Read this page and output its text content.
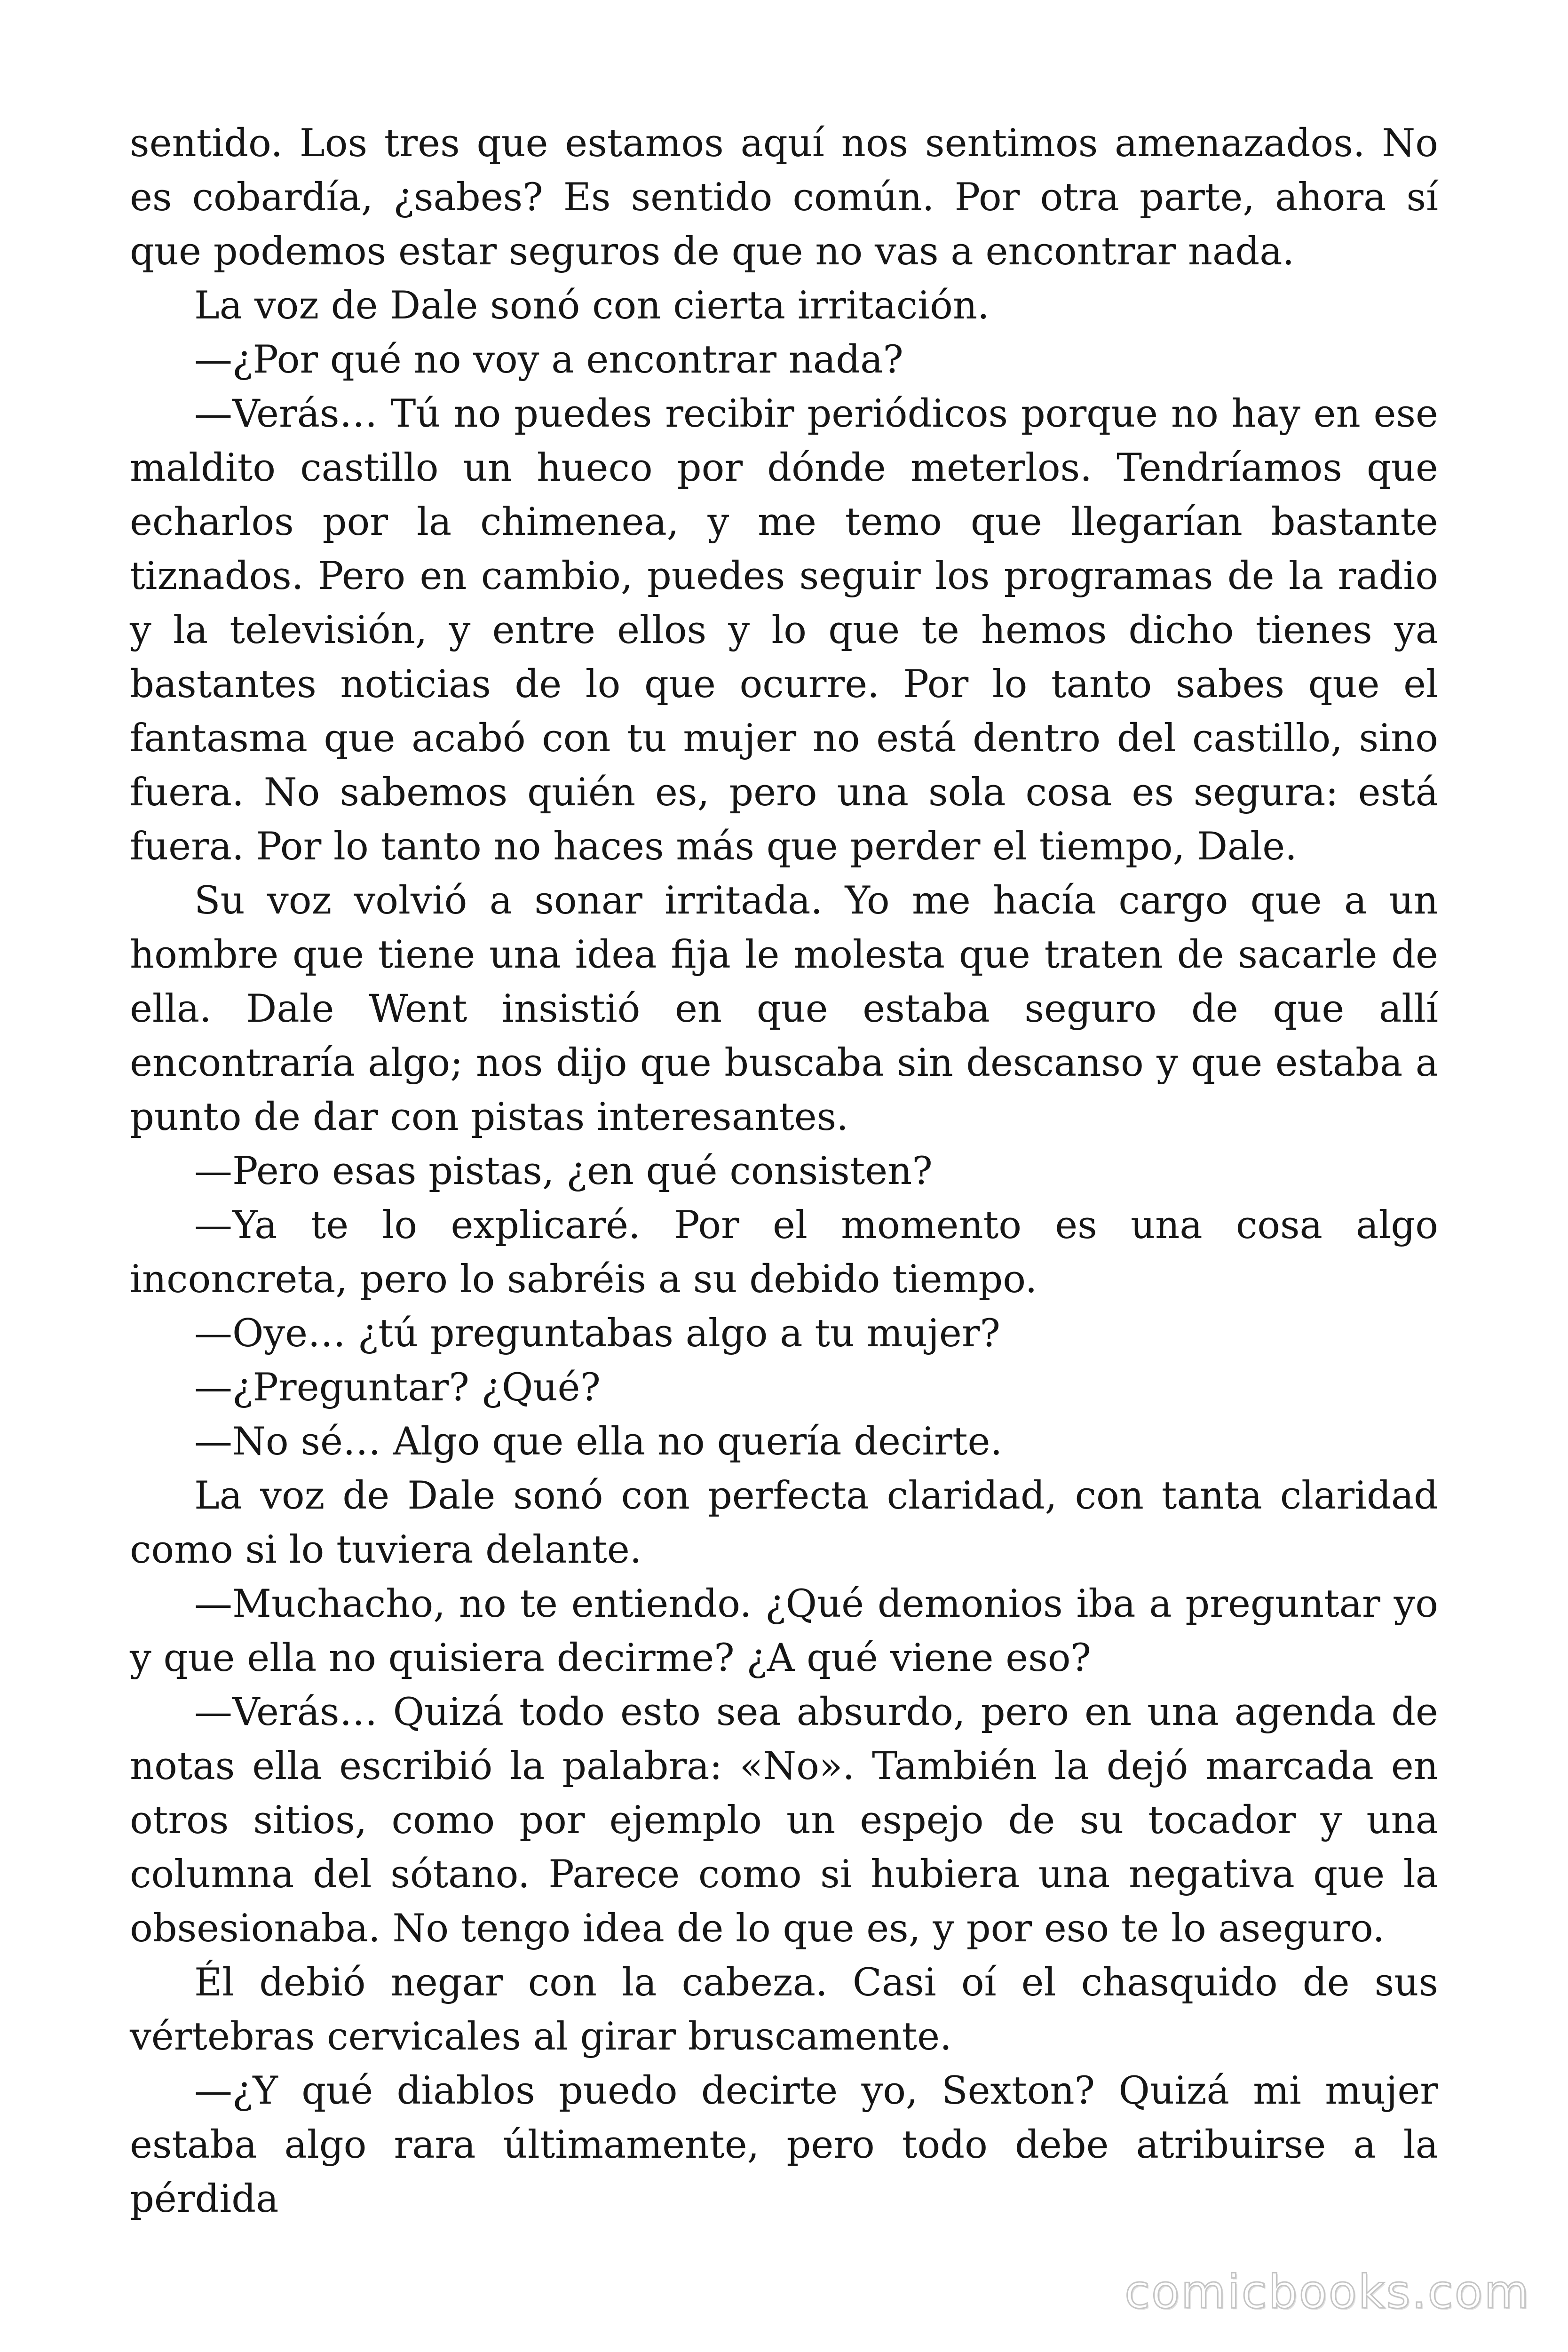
sentido. Los tres que estamos aquí nos sentimos amenazados. No es cobardía, ¿sabes? Es sentido común. Por otra parte, ahora sí que podemos estar seguros de que no vas a encontrar nada.

La voz de Dale sonó con cierta irritación.

—¿Por qué no voy a encontrar nada?

—Verás… Tú no puedes recibir periódicos porque no hay en ese maldito castillo un hueco por dónde meterlos. Tendríamos que echarlos por la chimenea, y me temo que llegarían bastante tiznados. Pero en cambio, puedes seguir los programas de la radio y la televisión, y entre ellos y lo que te hemos dicho tienes ya bastantes noticias de lo que ocurre. Por lo tanto sabes que el fantasma que acabó con tu mujer no está dentro del castillo, sino fuera. No sabemos quién es, pero una sola cosa es segura: está fuera. Por lo tanto no haces más que perder el tiempo, Dale.

Su voz volvió a sonar irritada. Yo me hacía cargo que a un hombre que tiene una idea fija le molesta que traten de sacarle de ella. Dale Went insistió en que estaba seguro de que allí encontraría algo; nos dijo que buscaba sin descanso y que estaba a punto de dar con pistas interesantes.

—Pero esas pistas, ¿en qué consisten?

—Ya te lo explicaré. Por el momento es una cosa algo inconcreta, pero lo sabréis a su debido tiempo.

—Oye… ¿tú preguntabas algo a tu mujer?

—¿Preguntar? ¿Qué?

—No sé… Algo que ella no quería decirte.

La voz de Dale sonó con perfecta claridad, con tanta claridad como si lo tuviera delante.

—Muchacho, no te entiendo. ¿Qué demonios iba a preguntar yo y que ella no quisiera decirme? ¿A qué viene eso?

—Verás… Quizá todo esto sea absurdo, pero en una agenda de notas ella escribió la palabra: «No». También la dejó marcada en otros sitios, como por ejemplo un espejo de su tocador y una columna del sótano. Parece como si hubiera una negativa que la obsesionaba. No tengo idea de lo que es, y por eso te lo aseguro.

Él debió negar con la cabeza. Casi oí el chasquido de sus vértebras cervicales al girar bruscamente.

—¿Y qué diablos puedo decirte yo, Sexton? Quizá mi mujer estaba algo rara últimamente, pero todo debe atribuirse a la pérdida

comicbooks.com
